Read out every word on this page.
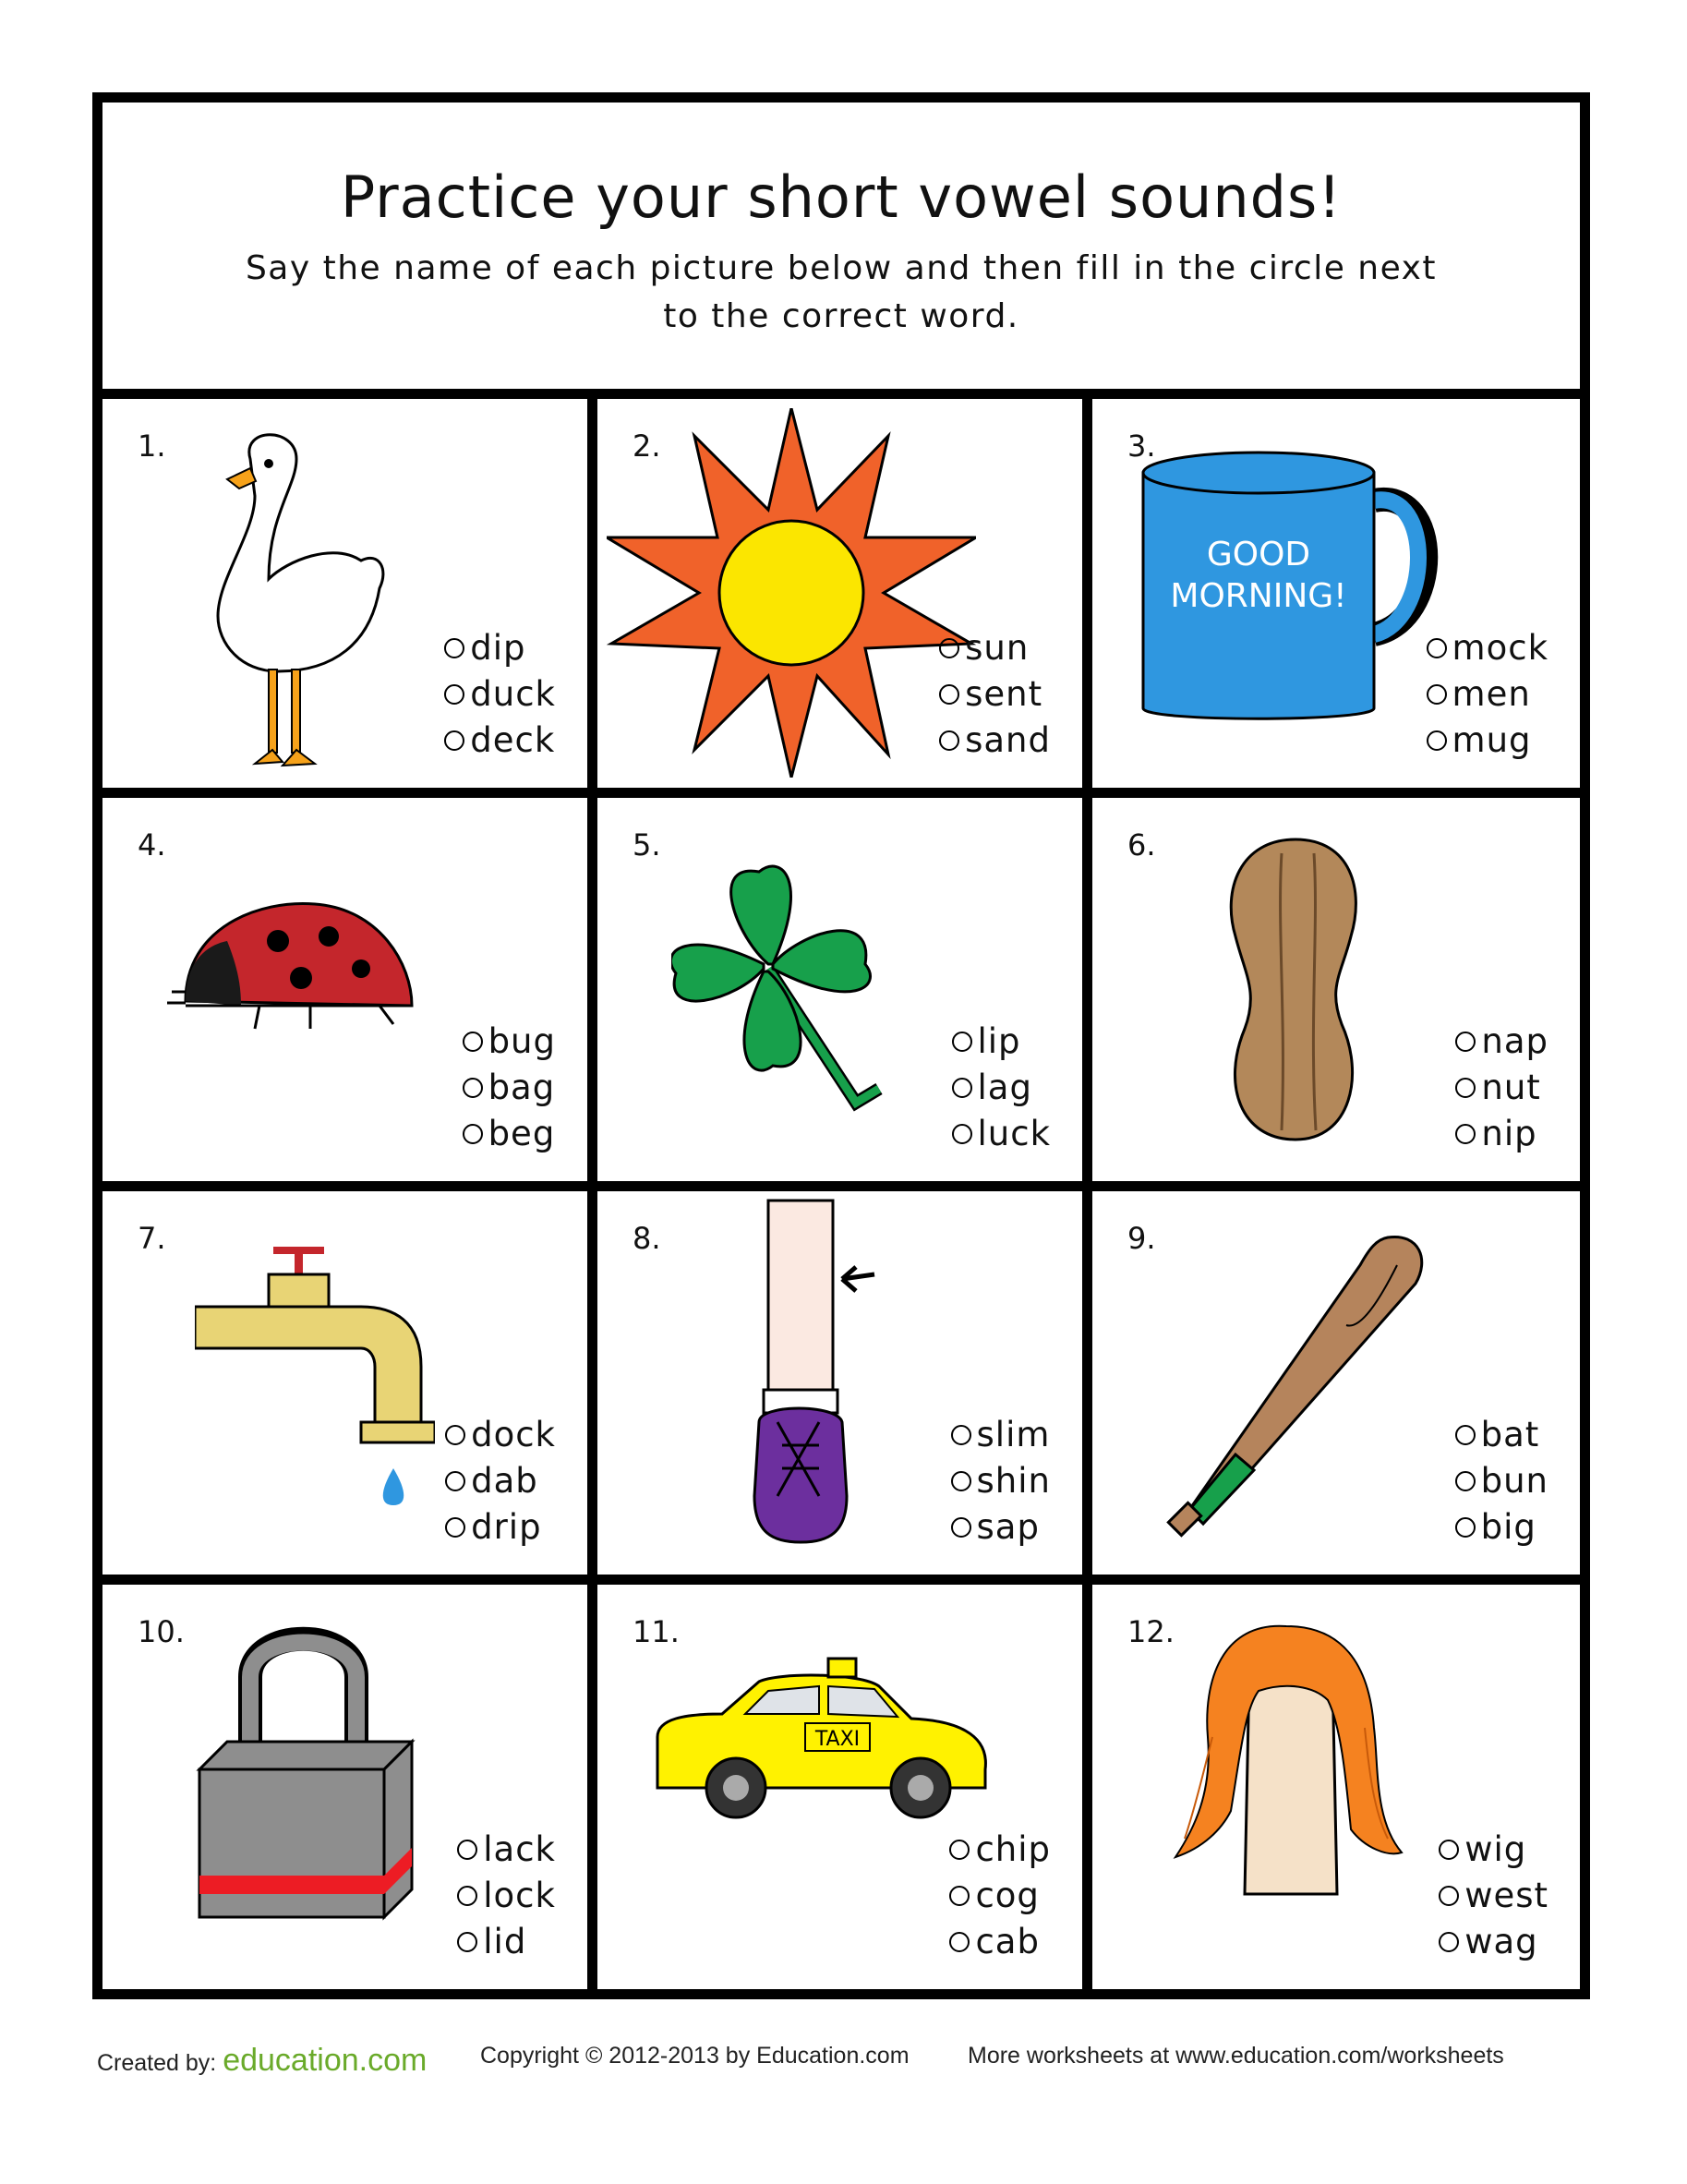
Practice your short vowel sounds!
Say the name of each picture below and then fill in the circle next to the correct word.
1.
dip
duck
deck
2.
sun
sent
sand
3.
GOOD
MORNING!
mock
men
mug
4.
bug
bag
beg
5.
lip
lag
luck
6.
nap
nut
nip
7.
dock
dab
drip
8.
slim
shin
sap
9.
bat
bun
big
10.
lack
lock
lid
11.
TAXI
chip
cog
cab
12.
wig
west
wag
Created by: education.com Copyright © 2012-2013 by Education.com	More worksheets at www.education.com/worksheets
